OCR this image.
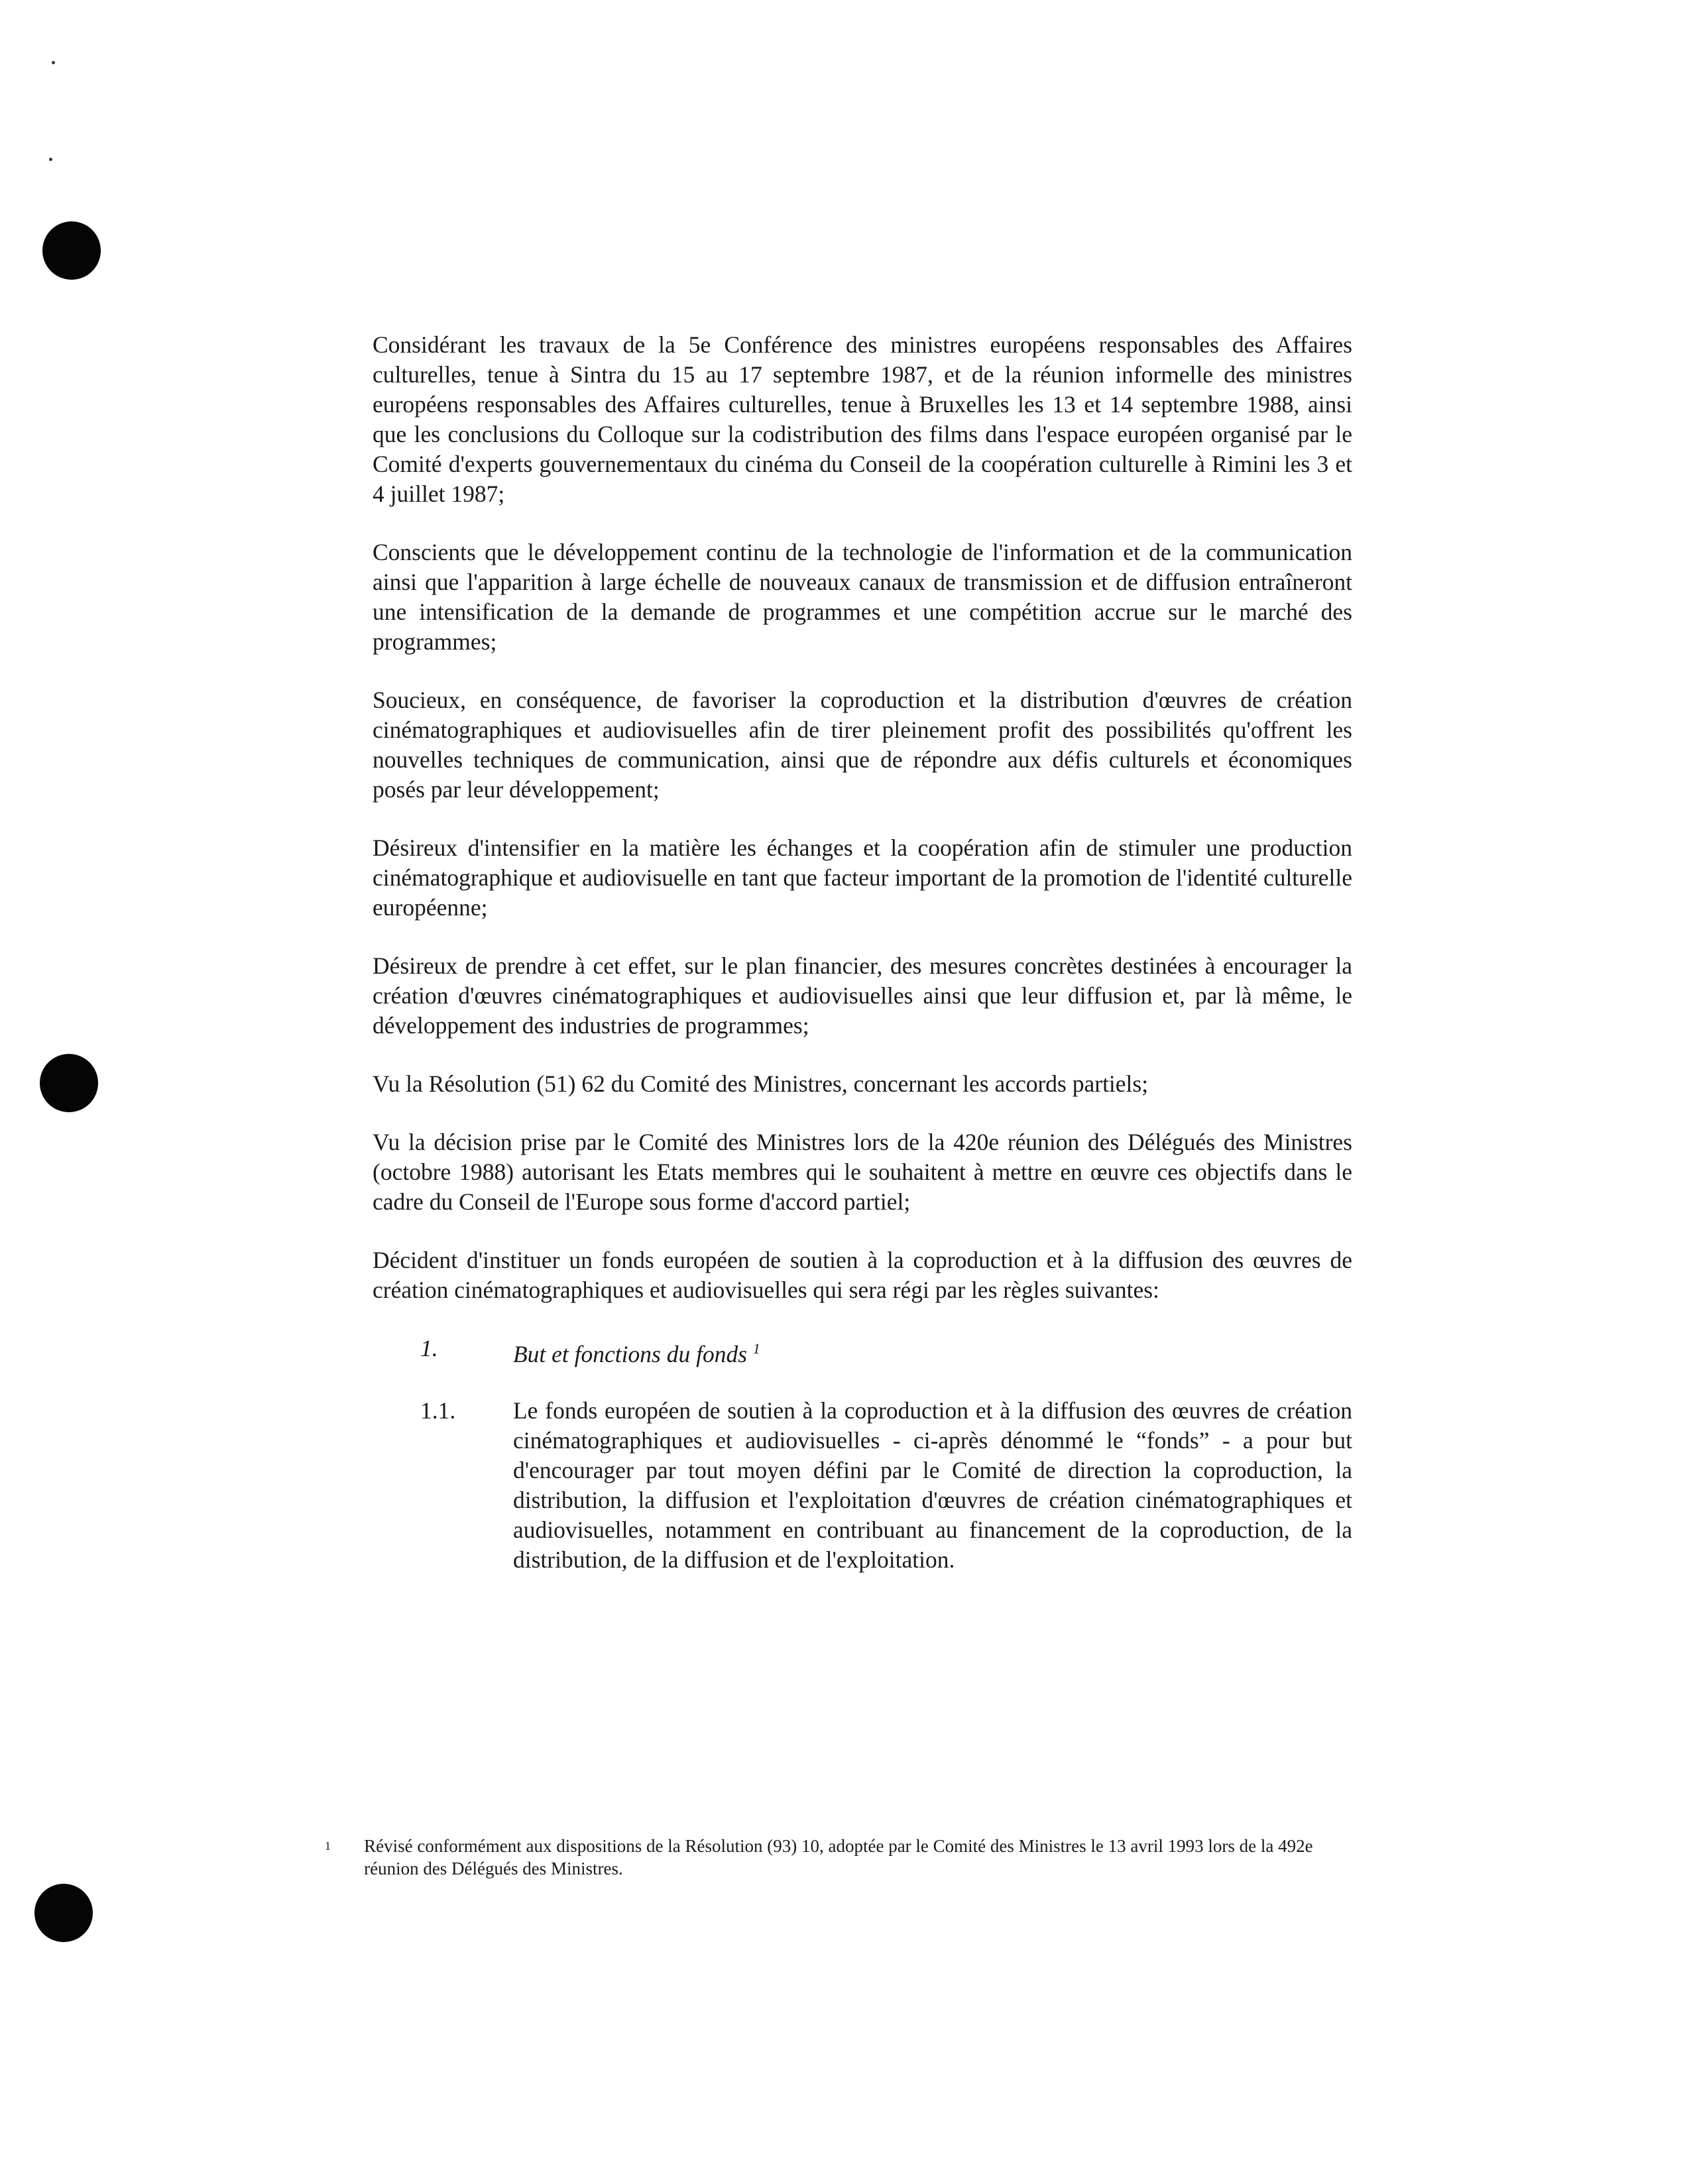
Considérant les travaux de la 5e Conférence des ministres européens responsables des Affaires culturelles, tenue à Sintra du 15 au 17 septembre 1987, et de la réunion informelle des ministres européens responsables des Affaires culturelles, tenue à Bruxelles les 13 et 14 septembre 1988, ainsi que les conclusions du Colloque sur la codistribution des films dans l'espace européen organisé par le Comité d'experts gouvernementaux du cinéma du Conseil de la coopération culturelle à Rimini les 3 et 4 juillet 1987;

Conscients que le développement continu de la technologie de l'information et de la communication ainsi que l'apparition à large échelle de nouveaux canaux de transmission et de diffusion entraîneront une intensification de la demande de programmes et une compétition accrue sur le marché des programmes;

Soucieux, en conséquence, de favoriser la coproduction et la distribution d'œuvres de création cinématographiques et audiovisuelles afin de tirer pleinement profit des possibilités qu'offrent les nouvelles techniques de communication, ainsi que de répondre aux défis culturels et économiques posés par leur développement;

Désireux d'intensifier en la matière les échanges et la coopération afin de stimuler une production cinématographique et audiovisuelle en tant que facteur important de la promotion de l'identité culturelle européenne;

Désireux de prendre à cet effet, sur le plan financier, des mesures concrètes destinées à encourager la création d'œuvres cinématographiques et audiovisuelles ainsi que leur diffusion et, par là même, le développement des industries de programmes;

Vu la Résolution (51) 62 du Comité des Ministres, concernant les accords partiels;

Vu la décision prise par le Comité des Ministres lors de la 420e réunion des Délégués des Ministres (octobre 1988) autorisant les Etats membres qui le souhaitent à mettre en œuvre ces objectifs dans le cadre du Conseil de l'Europe sous forme d'accord partiel;

Décident d'instituer un fonds européen de soutien à la coproduction et à la diffusion des œuvres de création cinématographiques et audiovisuelles qui sera régi par les règles suivantes:

1.	But et fonctions du fonds $^1$
1.1.	Le fonds européen de soutien à la coproduction et à la diffusion des œuvres de création cinématographiques et audiovisuelles - ci-après dénommé le “fonds” - a pour but d'encourager par tout moyen défini par le Comité de direction la coproduction, la distribution, la diffusion et l'exploitation d'œuvres de création cinématographiques et audiovisuelles, notamment en contribuant au financement de la coproduction, de la distribution, de la diffusion et de l'exploitation.
1	Révisé conformément aux dispositions de la Résolution (93) 10, adoptée par le Comité des Ministres le 13 avril 1993 lors de la 492e réunion des Délégués des Ministres.
